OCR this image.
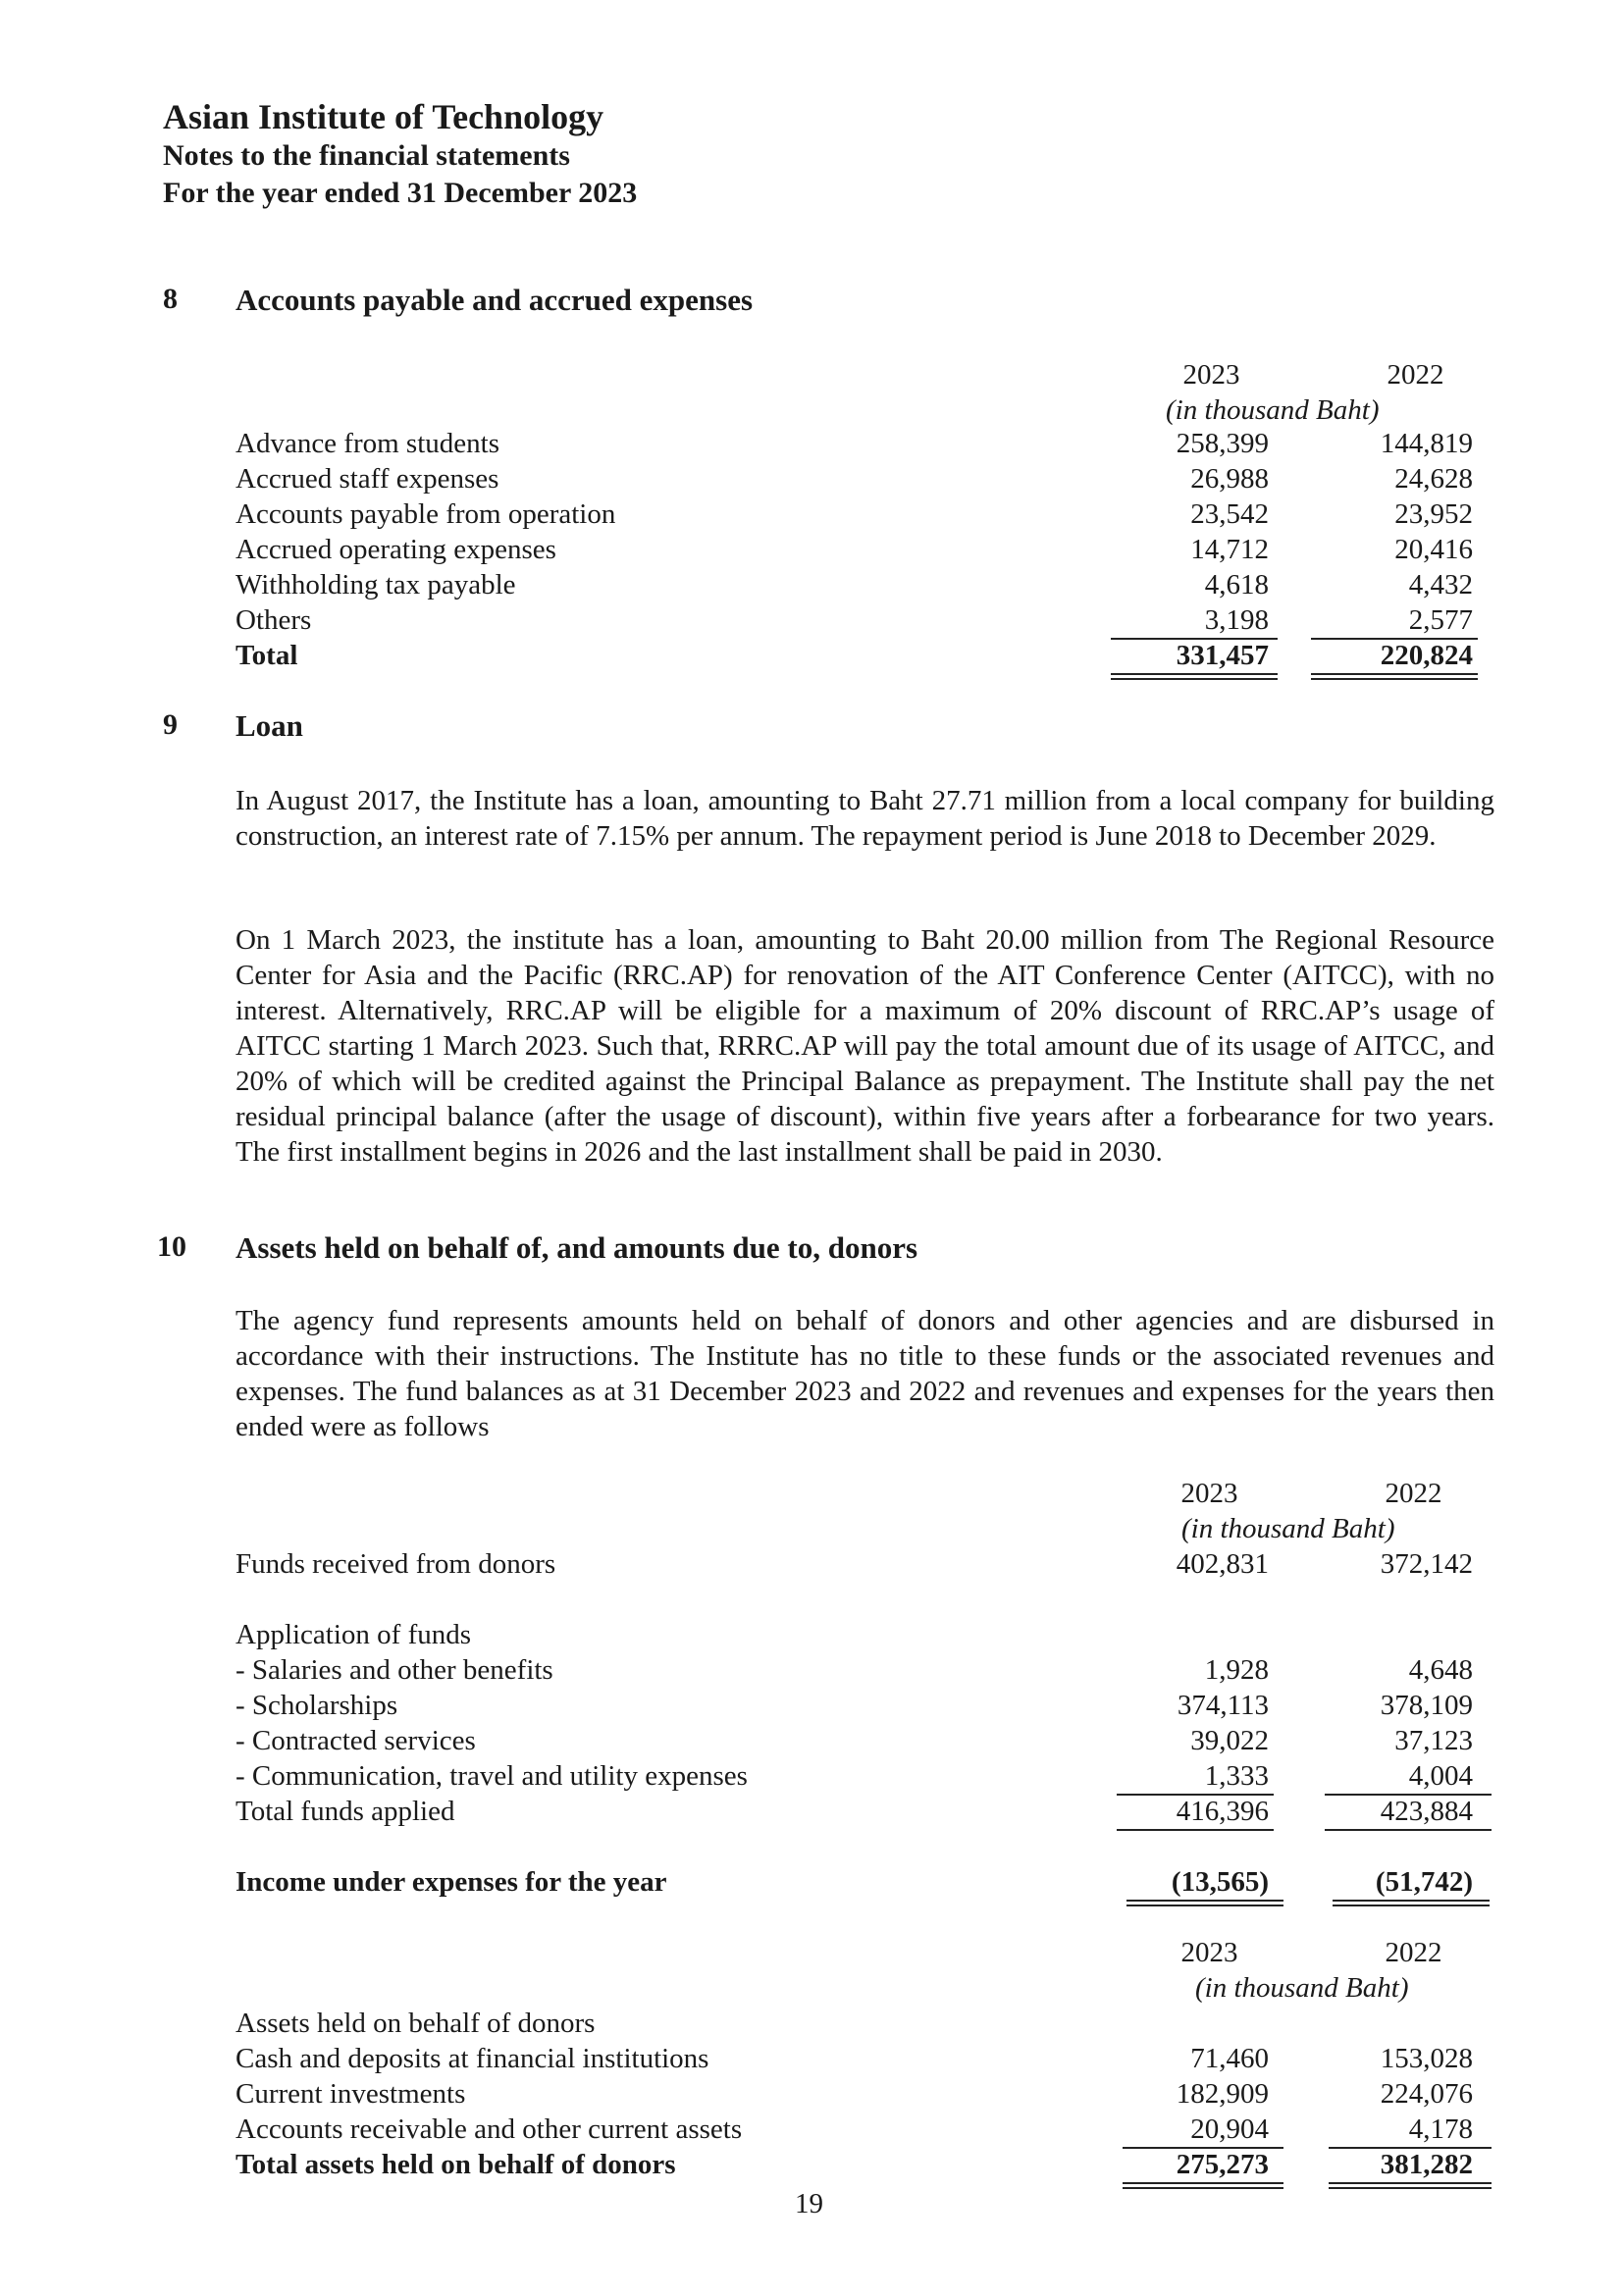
Asian Institute of Technology
Notes to the financial statements
For the year ended 31 December 2023
8 Accounts payable and accrued expenses
2023	2022
(in thousand Baht)
Advance from students	258,399	144,819
Accrued staff expenses	26,988	24,628
Accounts payable from operation	23,542	23,952
Accrued operating expenses	14,712	20,416
Withholding tax payable	4,618	4,432
Others	3,198	2,577
Total	331,457	220,824
9 Loan
In August 2017, the Institute has a loan, amounting to Baht 27.71 million from a local company for building construction, an interest rate of 7.15% per annum. The repayment period is June 2018 to December 2029.
On 1 March 2023, the institute has a loan, amounting to Baht 20.00 million from The Regional Resource Center for Asia and the Pacific (RRC.AP) for renovation of the AIT Conference Center (AITCC), with no interest. Alternatively, RRC.AP will be eligible for a maximum of 20% discount of RRC.AP’s usage of AITCC starting 1 March 2023. Such that, RRRC.AP will pay the total amount due of its usage of AITCC, and 20% of which will be credited against the Principal Balance as prepayment. The Institute shall pay the net residual principal balance (after the usage of discount), within five years after a forbearance for two years. The first installment begins in 2026 and the last installment shall be paid in 2030.
10 Assets held on behalf of, and amounts due to, donors
The agency fund represents amounts held on behalf of donors and other agencies and are disbursed in accordance with their instructions. The Institute has no title to these funds or the associated revenues and expenses. The fund balances as at 31 December 2023 and 2022 and revenues and expenses for the years then ended were as follows
2023	2022
(in thousand Baht)
Funds received from donors	402,831	372,142
Application of funds
- Salaries and other benefits	1,928	4,648
- Scholarships	374,113	378,109
- Contracted services	39,022	37,123
- Communication, travel and utility expenses	1,333	4,004
Total funds applied	416,396	423,884
Income under expenses for the year	(13,565)	(51,742)
2023	2022
(in thousand Baht)
Assets held on behalf of donors
Cash and deposits at financial institutions	71,460	153,028
Current investments	182,909	224,076
Accounts receivable and other current assets	20,904	4,178
Total assets held on behalf of donors	275,273	381,282
19
